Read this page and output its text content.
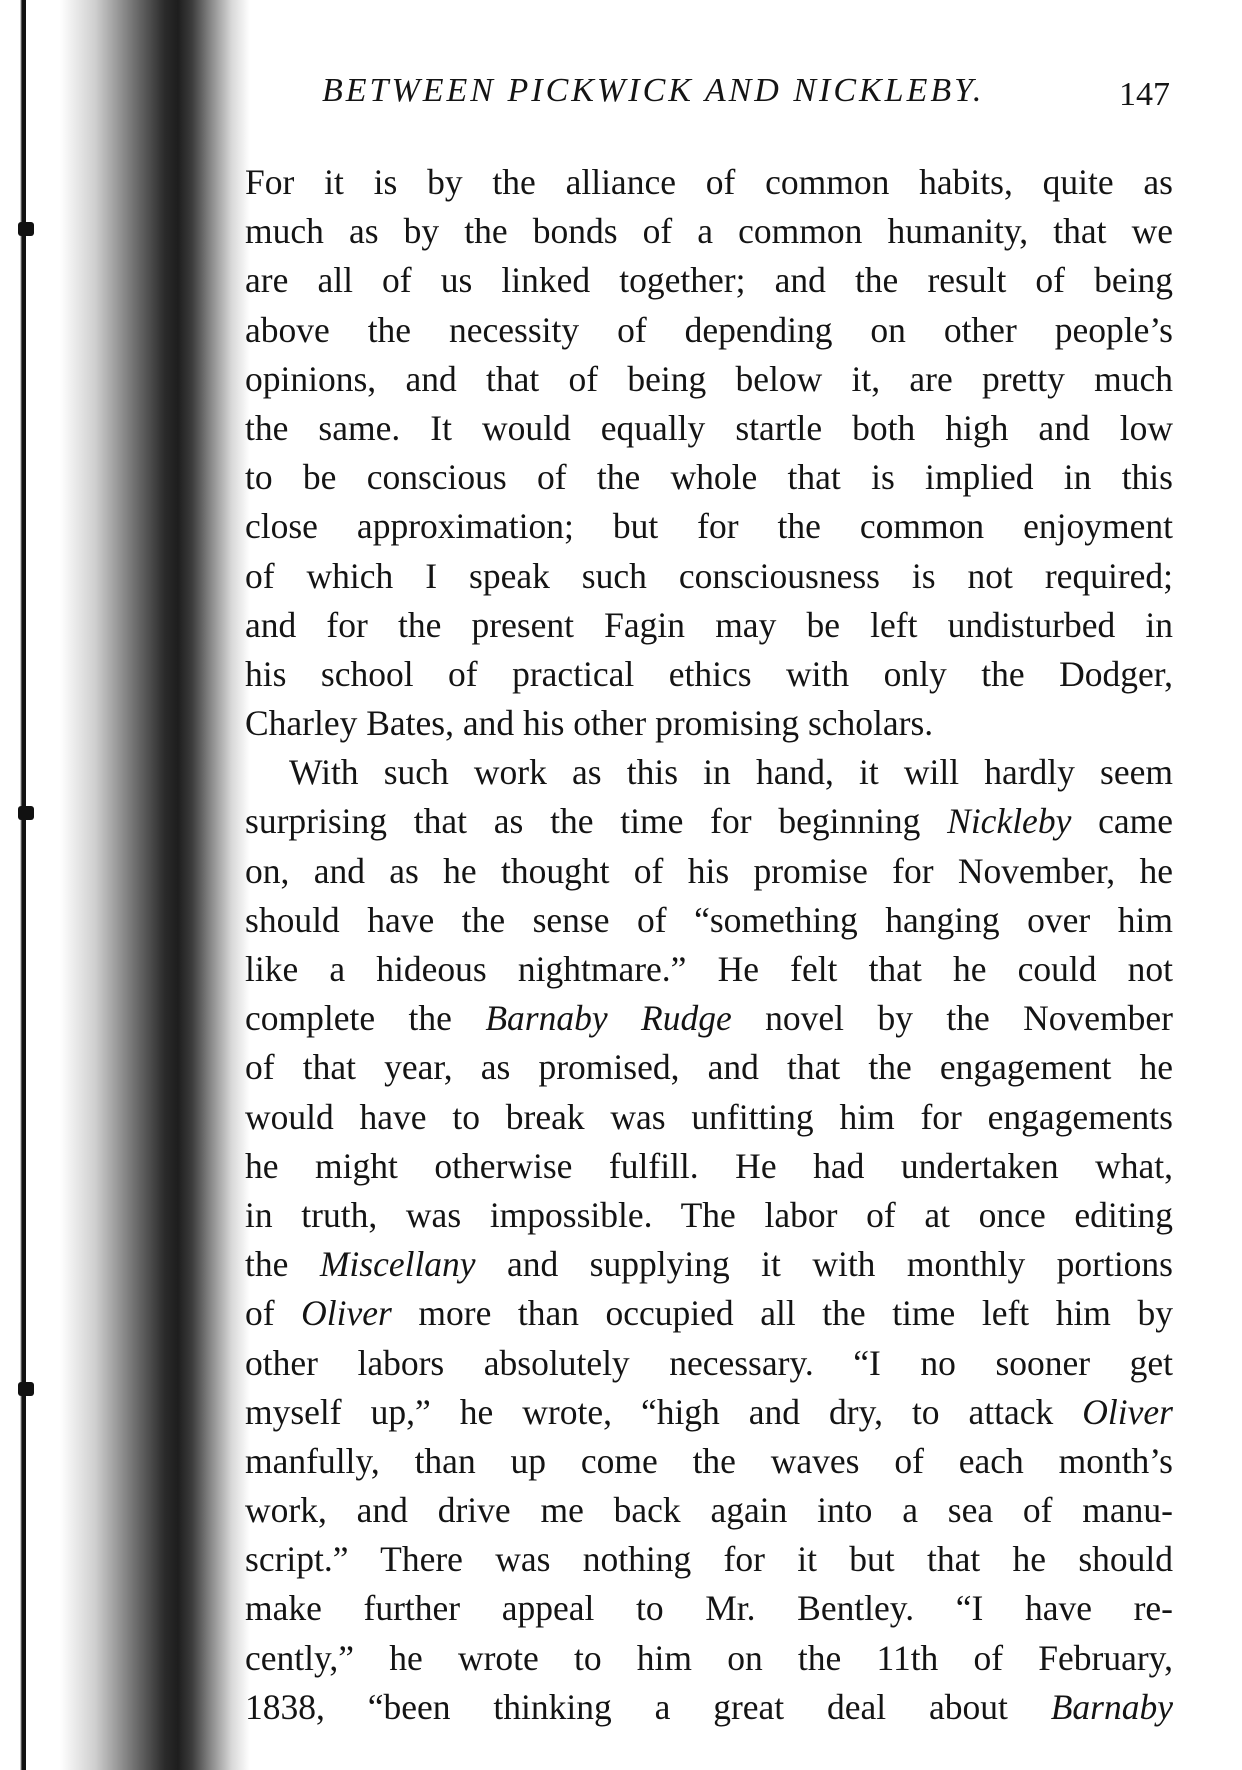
BETWEEN PICKWICK AND NICKLEBY.	147
For it is by the alliance of common habits, quite as
much as by the bonds of a common humanity, that we
are all of us linked together; and the result of being
above the necessity of depending on other people’s
opinions, and that of being below it, are pretty much
the same. It would equally startle both high and low
to be conscious of the whole that is implied in this
close approximation; but for the common enjoyment
of which I speak such consciousness is not required;
and for the present Fagin may be left undisturbed in
his school of practical ethics with only the Dodger,
Charley Bates, and his other promising scholars.
With such work as this in hand, it will hardly seem
surprising that as the time for beginning Nickleby came
on, and as he thought of his promise for November, he
should have the sense of “something hanging over him
like a hideous nightmare.” He felt that he could not
complete the Barnaby Rudge novel by the November
of that year, as promised, and that the engagement he
would have to break was unfitting him for engagements
he might otherwise fulfill. He had undertaken what,
in truth, was impossible. The labor of at once editing
the Miscellany and supplying it with monthly portions
of Oliver more than occupied all the time left him by
other labors absolutely necessary. “I no sooner get
myself up,” he wrote, “high and dry, to attack Oliver
manfully, than up come the waves of each month’s
work, and drive me back again into a sea of manu-
script.” There was nothing for it but that he should
make further appeal to Mr. Bentley. “I have re-
cently,” he wrote to him on the 11th of February,
1838, “been thinking a great deal about Barnaby
